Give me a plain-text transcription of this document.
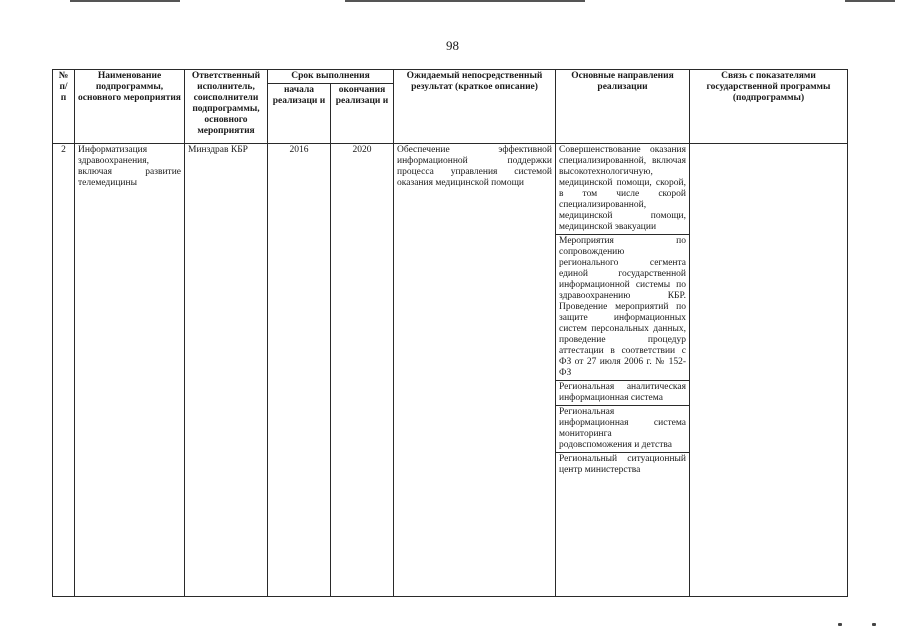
98
№ п/ п	Наименование подпрограммы, основного мероприятия	Ответственный исполнитель, соисполнители подпрограммы, основного мероприятия	Срок выполнения		Ожидаемый непосредственный результат (краткое описание)	Основные направления реализации	Связь с показателями государственной программы (подпрограммы)
			начала реализаци и	окончания реализаци и			
2	Информатизация здравоохранения, включая развитие телемедицины	Минздрав КБР	2016	2020	Обеспечение эффективной информационной поддержки процесса управления системой оказания медицинской помощи	Совершенствование оказания специализированной, включая высокотехнологичную, медицинской помощи, скорой, в том числе скорой специализированной, медицинской помощи, медицинской эвакуации
Мероприятия по сопровождению регионального сегмента единой государственной информационной системы по здравоохранению КБР. Проведение мероприятий по защите информационных систем персональных данных, проведение процедур аттестации в соответствии с ФЗ от 27 июля 2006 г. № 152-ФЗ
Региональная аналитическая информационная система
Региональная информационная система мониторинга родовспоможения и детства
Региональный ситуационный центр министерства	
